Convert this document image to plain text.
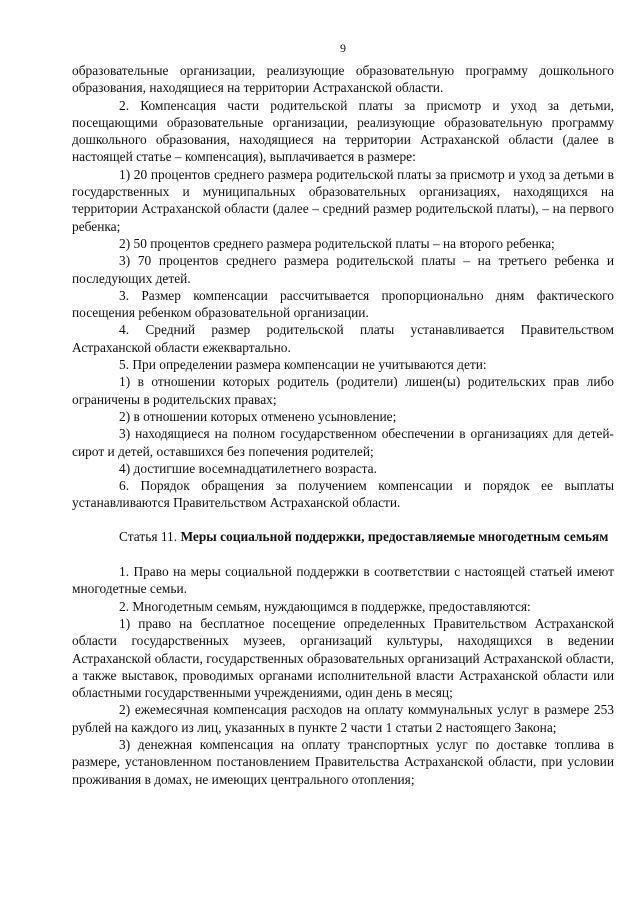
9

образовательные организации, реализующие образовательную программу дошкольного образования, находящиеся на территории Астраханской области.

2. Компенсация части родительской платы за присмотр и уход за детьми, посещающими образовательные организации, реализующие образовательную программу дошкольного образования, находящиеся на территории Астраханской области (далее в настоящей статье – компенсация), выплачивается в размере:

1) 20 процентов среднего размера родительской платы за присмотр и уход за детьми в государственных и муниципальных образовательных организациях, находящихся на территории Астраханской области (далее – средний размер родительской платы), – на первого ребенка;

2) 50 процентов среднего размера родительской платы – на второго ребенка;

3) 70 процентов среднего размера родительской платы – на третьего ребенка и последующих детей.

3. Размер компенсации рассчитывается пропорционально дням фактического посещения ребенком образовательной организации.

4. Средний размер родительской платы устанавливается Правительством Астраханской области ежеквартально.

5. При определении размера компенсации не учитываются дети:

1) в отношении которых родитель (родители) лишен(ы) родительских прав либо ограничены в родительских правах;

2) в отношении которых отменено усыновление;

3) находящиеся на полном государственном обеспечении в организациях для детей-сирот и детей, оставшихся без попечения родителей;

4) достигшие восемнадцатилетнего возраста.

6. Порядок обращения за получением компенсации и порядок ее выплаты устанавливаются Правительством Астраханской области.

Статья 11. Меры социальной поддержки, предоставляемые многодетным семьям

1. Право на меры социальной поддержки в соответствии с настоящей статьей имеют многодетные семьи.

2. Многодетным семьям, нуждающимся в поддержке, предоставляются:

1) право на бесплатное посещение определенных Правительством Астраханской области государственных музеев, организаций культуры, находящихся в ведении Астраханской области, государственных образовательных организаций Астраханской области, а также выставок, проводимых органами исполнительной власти Астраханской области или областными государственными учреждениями, один день в месяц;

2) ежемесячная компенсация расходов на оплату коммунальных услуг в размере 253 рублей на каждого из лиц, указанных в пункте 2 части 1 статьи 2 настоящего Закона;

3) денежная компенсация на оплату транспортных услуг по доставке топлива в размере, установленном постановлением Правительства Астраханской области, при условии проживания в домах, не имеющих центрального отопления;
